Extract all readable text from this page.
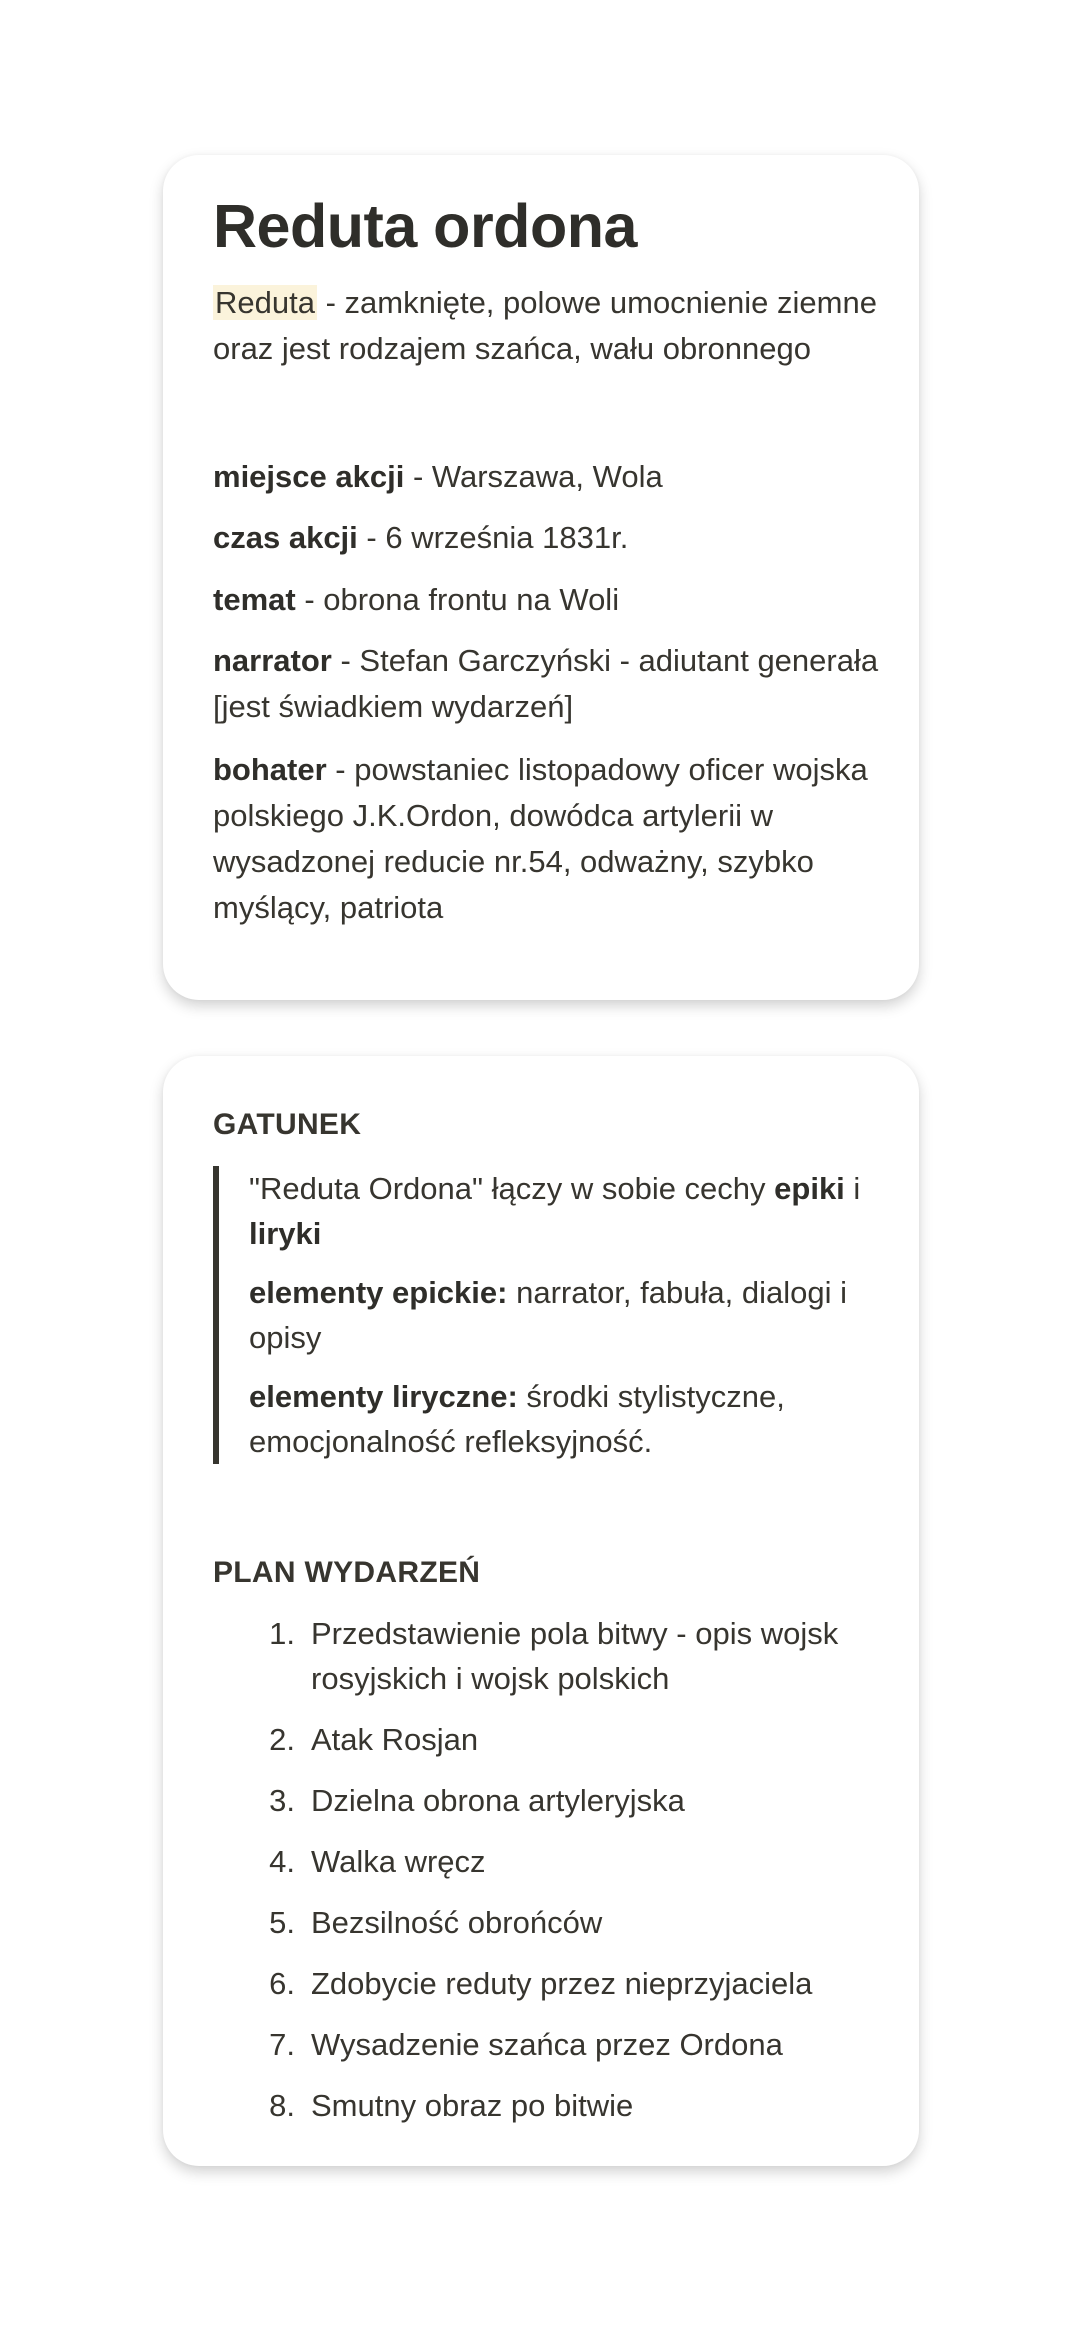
Reduta ordona

Reduta - zamknięte, polowe umocnienie ziemne oraz jest rodzajem szańca, wału obronnego

miejsce akcji - Warszawa, Wola

czas akcji - 6 września 1831r.

temat - obrona frontu na Woli

narrator - Stefan Garczyński - adiutant generała [jest świadkiem wydarzeń]

bohater - powstaniec listopadowy oficer wojska polskiego J.K.Ordon, dowódca artylerii w wysadzonej reducie nr.54, odważny, szybko myślący, patriota

GATUNEK

"Reduta Ordona" łączy w sobie cechy epiki i liryki

elementy epickie: narrator, fabuła, dialogi i opisy

elementy liryczne: środki stylistyczne, emocjonalność refleksyjność.

PLAN WYDARZEŃ
1. Przedstawienie pola bitwy - opis wojsk rosyjskich i wojsk polskich
2. Atak Rosjan
3. Dzielna obrona artyleryjska
4. Walka wręcz
5. Bezsilność obrońców
6. Zdobycie reduty przez nieprzyjaciela
7. Wysadzenie szańca przez Ordona
8. Smutny obraz po bitwie
